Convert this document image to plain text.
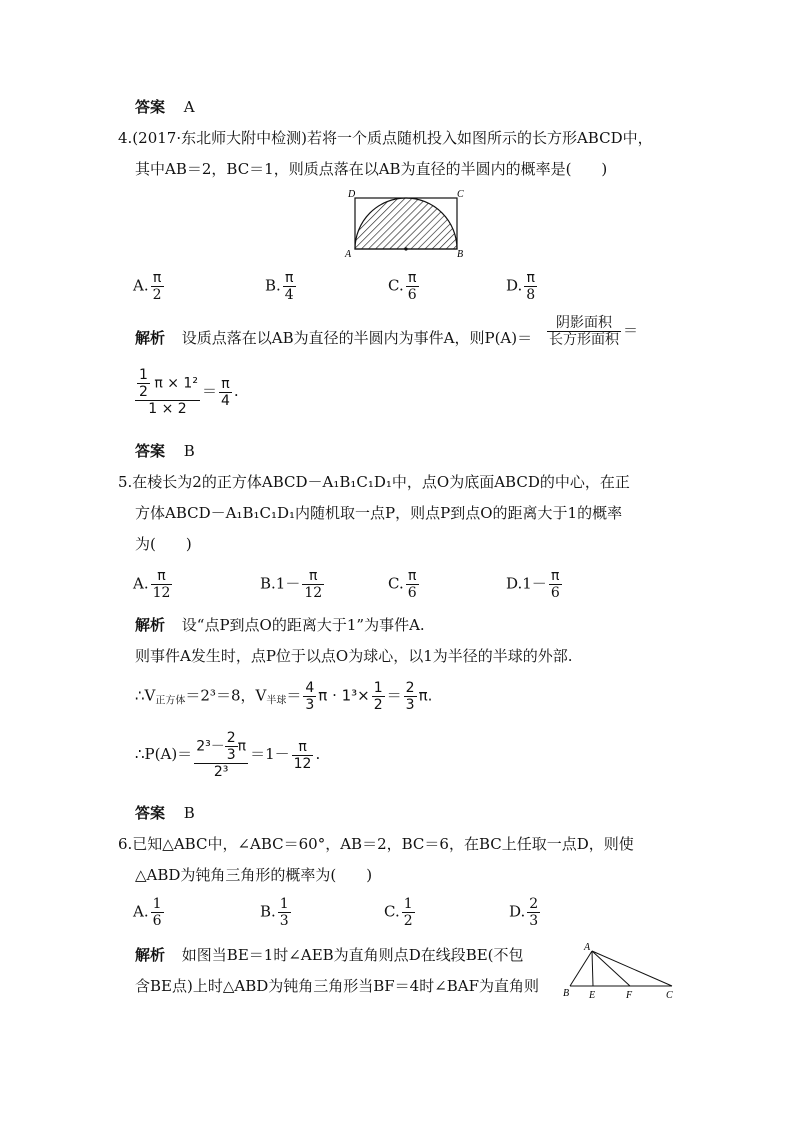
答案 A
4.(2017·东北师大附中检测)若将一个质点随机投入如图所示的长方形ABCD中，
其中AB＝2，BC＝1，则质点落在以AB为直径的半圆内的概率是(　　)
D	C
A	B
A. $\frac{\pi}{2}$	B. $\frac{\pi}{4}$	C. $\frac{\pi}{6}$	D. $\frac{\pi}{8}$
解析 设质点落在以AB为直径的半圆内为事件A，则$P(A)= \frac{\text{阴影面积}}{\text{长方形面积}}$ ＝
$\frac{\frac{1}{2} \pi \times 1^2}{1 \times 2} = \frac{\pi}{4}$ .
答案 B
5.在棱长为2的正方体ABCD－A₁B₁C₁D₁中，点O为底面ABCD的中心，在正
方体ABCD－A₁B₁C₁D₁内随机取一点P，则点P到点O的距离大于1的概率
为(　　)
A. $\frac{\pi}{12}$	$B.1- \frac{\pi}{12}$	C. $\frac{\pi}{6}$	$D.1- \frac{\pi}{6}$
解析 设“点P到点O的距离大于1”为事件A.
则事件A发生时，点P位于以点O为球心，以1为半径的半球的外部.
$\therefore V_{正方体}=2^3=8$，$V_{半球}= \frac{4}{3}$ $\pi \cdot 1^3\times \frac{1}{2} = \frac{2}{3} \pi$.
∴P(A)＝ $\frac{2^3- \frac{2}{3} \pi}{\text{2³}} =1- \frac{\pi}{12}$ .
答案 B
6.已知△ABC中，∠ABC＝60°，AB＝2，BC＝6，在BC上任取一点D，则使
△ABD为钝角三角形的概率为(　　)
A. $\frac{1}{6}$	B. $\frac{1}{3}$	C. $\frac{1}{2}$	D. $\frac{2}{3}$
解析 如图当BE＝1时∠AEB为直角则点D在线段BE(不包
含BE点)上时△ABD为钝角三角形当BF＝4时∠BAF为直角则
A
B E	F	C
